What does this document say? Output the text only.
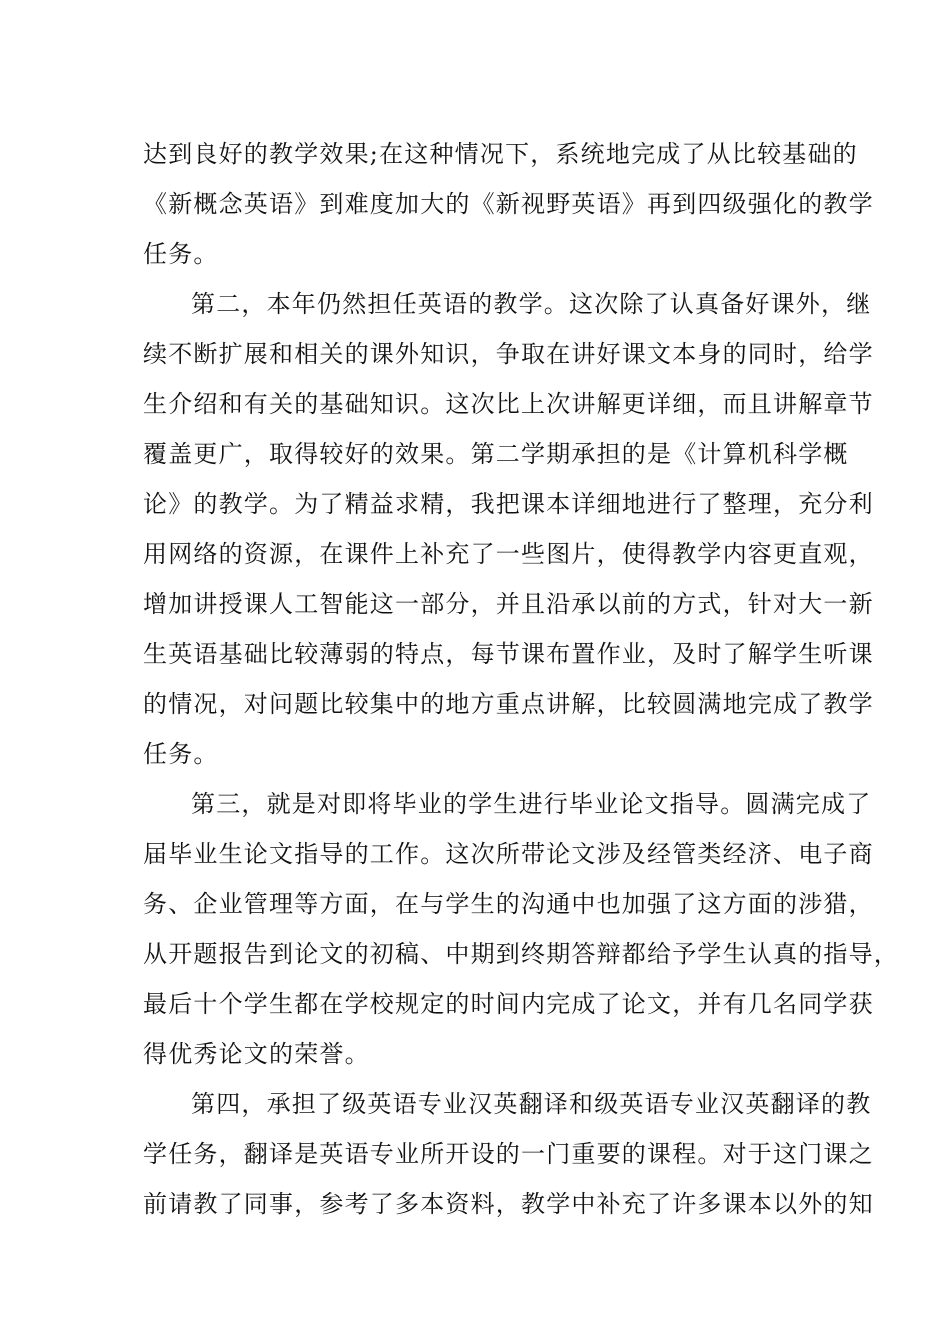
达到良好的教学效果;在这种情况下，系统地完成了从比较基础的
《新概念英语》到难度加大的《新视野英语》再到四级强化的教学
任务。
第二，本年仍然担任英语的教学。这次除了认真备好课外，继
续不断扩展和相关的课外知识，争取在讲好课文本身的同时，给学
生介绍和有关的基础知识。这次比上次讲解更详细，而且讲解章节
覆盖更广，取得较好的效果。第二学期承担的是《计算机科学概
论》的教学。为了精益求精，我把课本详细地进行了整理，充分利
用网络的资源，在课件上补充了一些图片，使得教学内容更直观，
增加讲授课人工智能这一部分，并且沿承以前的方式，针对大一新
生英语基础比较薄弱的特点，每节课布置作业，及时了解学生听课
的情况，对问题比较集中的地方重点讲解，比较圆满地完成了教学
任务。
第三，就是对即将毕业的学生进行毕业论文指导。圆满完成了
届毕业生论文指导的工作。这次所带论文涉及经管类经济、电子商
务、企业管理等方面，在与学生的沟通中也加强了这方面的涉猎，
从开题报告到论文的初稿、中期到终期答辩都给予学生认真的指导，
最后十个学生都在学校规定的时间内完成了论文，并有几名同学获
得优秀论文的荣誉。
第四，承担了级英语专业汉英翻译和级英语专业汉英翻译的教
学任务，翻译是英语专业所开设的一门重要的课程。对于这门课之
前请教了同事，参考了多本资料，教学中补充了许多课本以外的知
